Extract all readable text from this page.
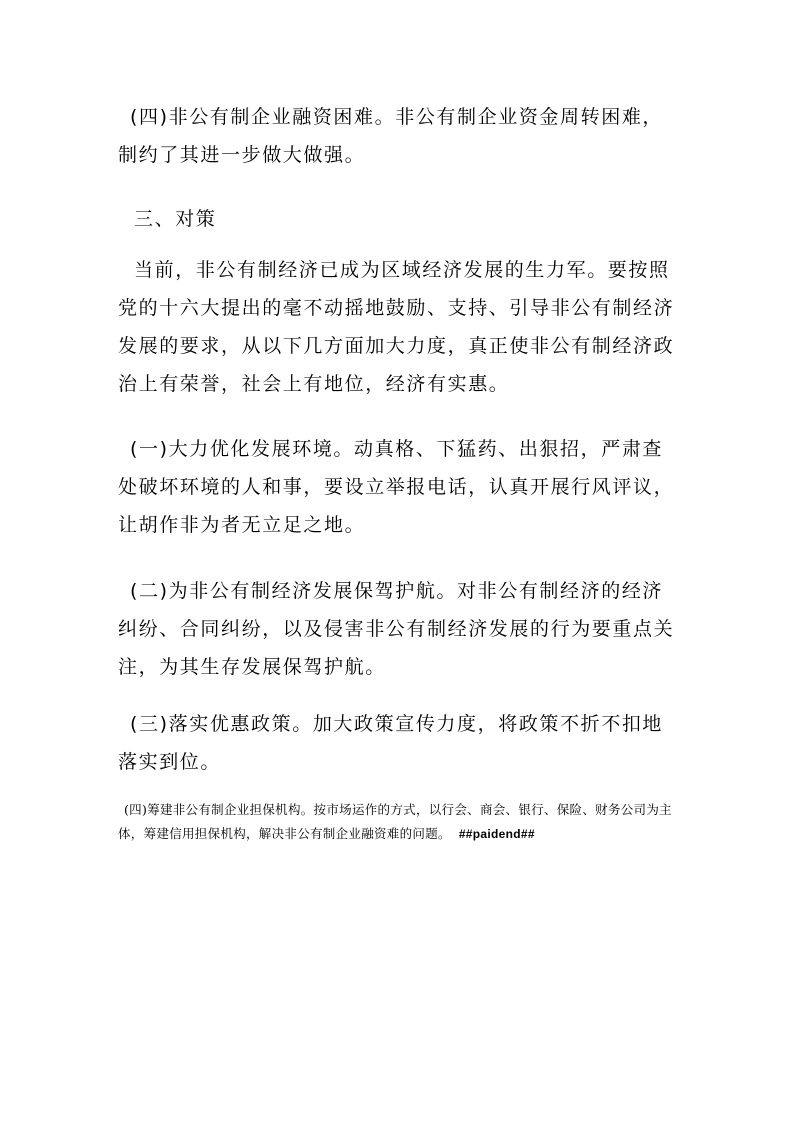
(四)非公有制企业融资困难。非公有制企业资金周转困难，制约了其进一步做大做强。

三、对策

当前，非公有制经济已成为区域经济发展的生力军。要按照党的十六大提出的毫不动摇地鼓励、支持、引导非公有制经济发展的要求，从以下几方面加大力度，真正使非公有制经济政治上有荣誉，社会上有地位，经济有实惠。

(一)大力优化发展环境。动真格、下猛药、出狠招，严肃查处破坏环境的人和事，要设立举报电话，认真开展行风评议，让胡作非为者无立足之地。

(二)为非公有制经济发展保驾护航。对非公有制经济的经济纠纷、合同纠纷，以及侵害非公有制经济发展的行为要重点关注，为其生存发展保驾护航。

(三)落实优惠政策。加大政策宣传力度，将政策不折不扣地落实到位。

(四)筹建非公有制企业担保机构。按市场运作的方式，以行会、商会、银行、保险、财务公司为主体，筹建信用担保机构，解决非公有制企业融资难的问题。 ##paidend##
